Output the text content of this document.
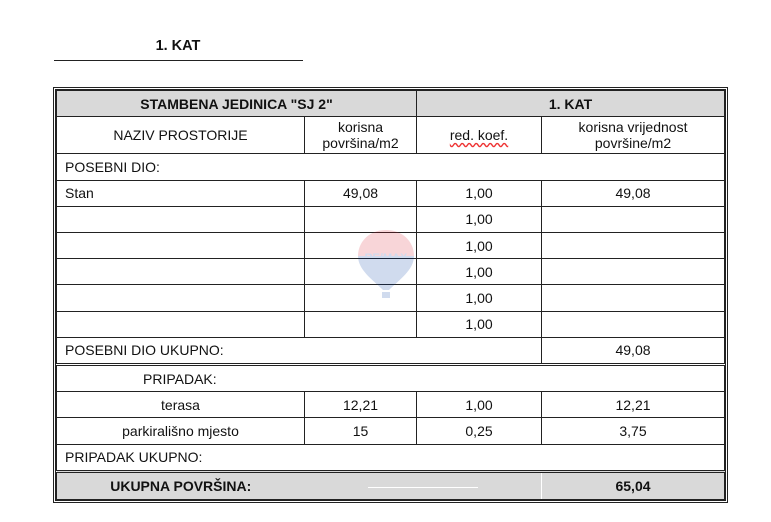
1. KAT
STAMBENA JEDINICA "SJ 2"		1. KAT	
NAZIV PROSTORIJE	korisna površina/m2	red. koef.	korisna vrijednost površine/m2
POSEBNI DIO:			
Stan	49,08	1,00	49,08
		1,00	
		1,00	
		1,00	
		1,00	
		1,00	
POSEBNI DIO UKUPNO:			49,08
PRIPADAK:			
terasa	12,21	1,00	12,21
parkirališno mjesto	15	0,25	3,75
PRIPADAK UKUPNO:			
UKUPNA POVRŠINA:			65,04
RE/MAX
